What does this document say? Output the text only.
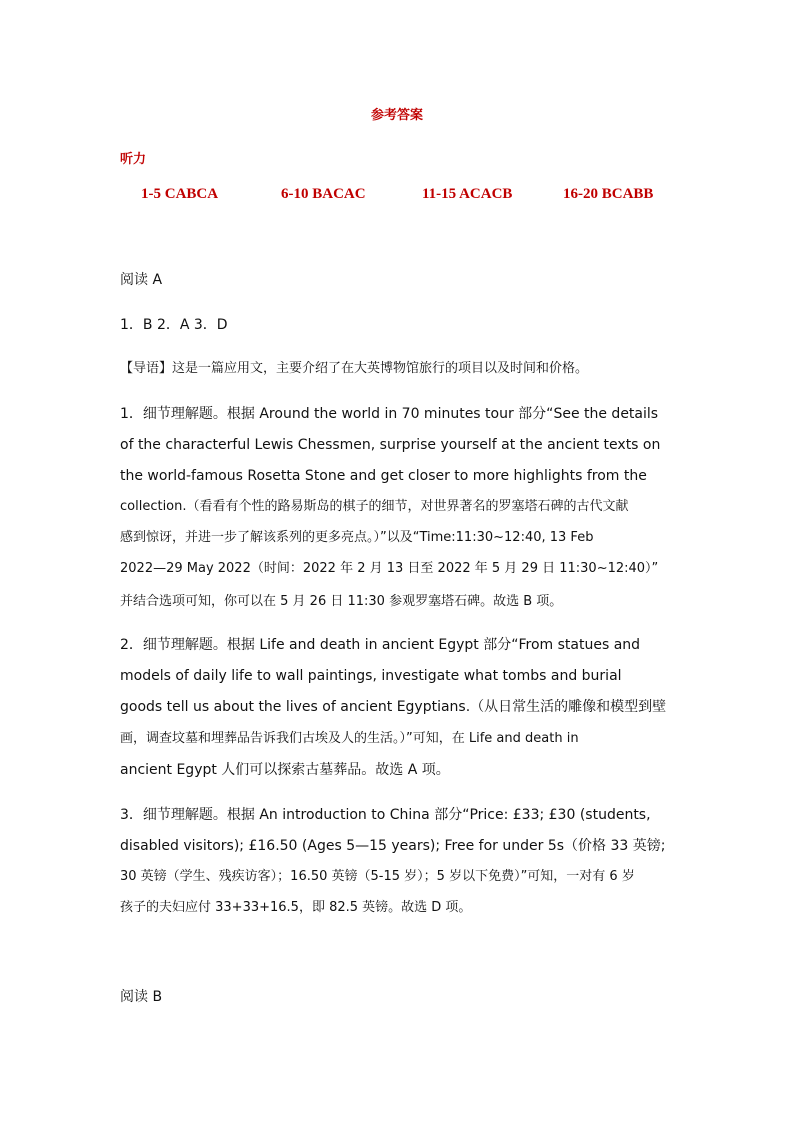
参考答案
听力
1-5 CABCA	6-10 BACAC	11-15 ACACB	16-20 BCABB
阅读 A
1．B 2．A 3．D
【导语】这是一篇应用文，主要介绍了在大英博物馆旅行的项目以及时间和价格。
1．细节理解题。根据 Around the world in 70 minutes tour 部分“See the details
of the characterful Lewis Chessmen, surprise yourself at the ancient texts on
the world-famous Rosetta Stone and get closer to more highlights from the
collection.（看看有个性的路易斯岛的棋子的细节，对世界著名的罗塞塔石碑的古代文献
感到惊讶，并进一步了解该系列的更多亮点。）”以及“Time:11:30~12:40, 13 Feb
2022—29 May 2022（时间：2022 年 2 月 13 日至 2022 年 5 月 29 日 11:30~12:40）”
并结合选项可知，你可以在 5 月 26 日 11:30 参观罗塞塔石碑。故选 B 项。
2．细节理解题。根据 Life and death in ancient Egypt 部分“From statues and
models of daily life to wall paintings, investigate what tombs and burial
goods tell us about the lives of ancient Egyptians.（从日常生活的雕像和模型到壁
画，调查坟墓和埋葬品告诉我们古埃及人的生活。）”可知，在 Life and death in
ancient Egypt 人们可以探索古墓葬品。故选 A 项。
3．细节理解题。根据 An introduction to China 部分“Price: £33; £30 (students,
disabled visitors); £16.50 (Ages 5—15 years); Free for under 5s（价格 33 英镑;
30 英镑（学生、残疾访客）；16.50 英镑（5-15 岁）；5 岁以下免费）”可知，一对有 6 岁
孩子的夫妇应付 33+33+16.5，即 82.5 英镑。故选 D 项。
阅读 B
